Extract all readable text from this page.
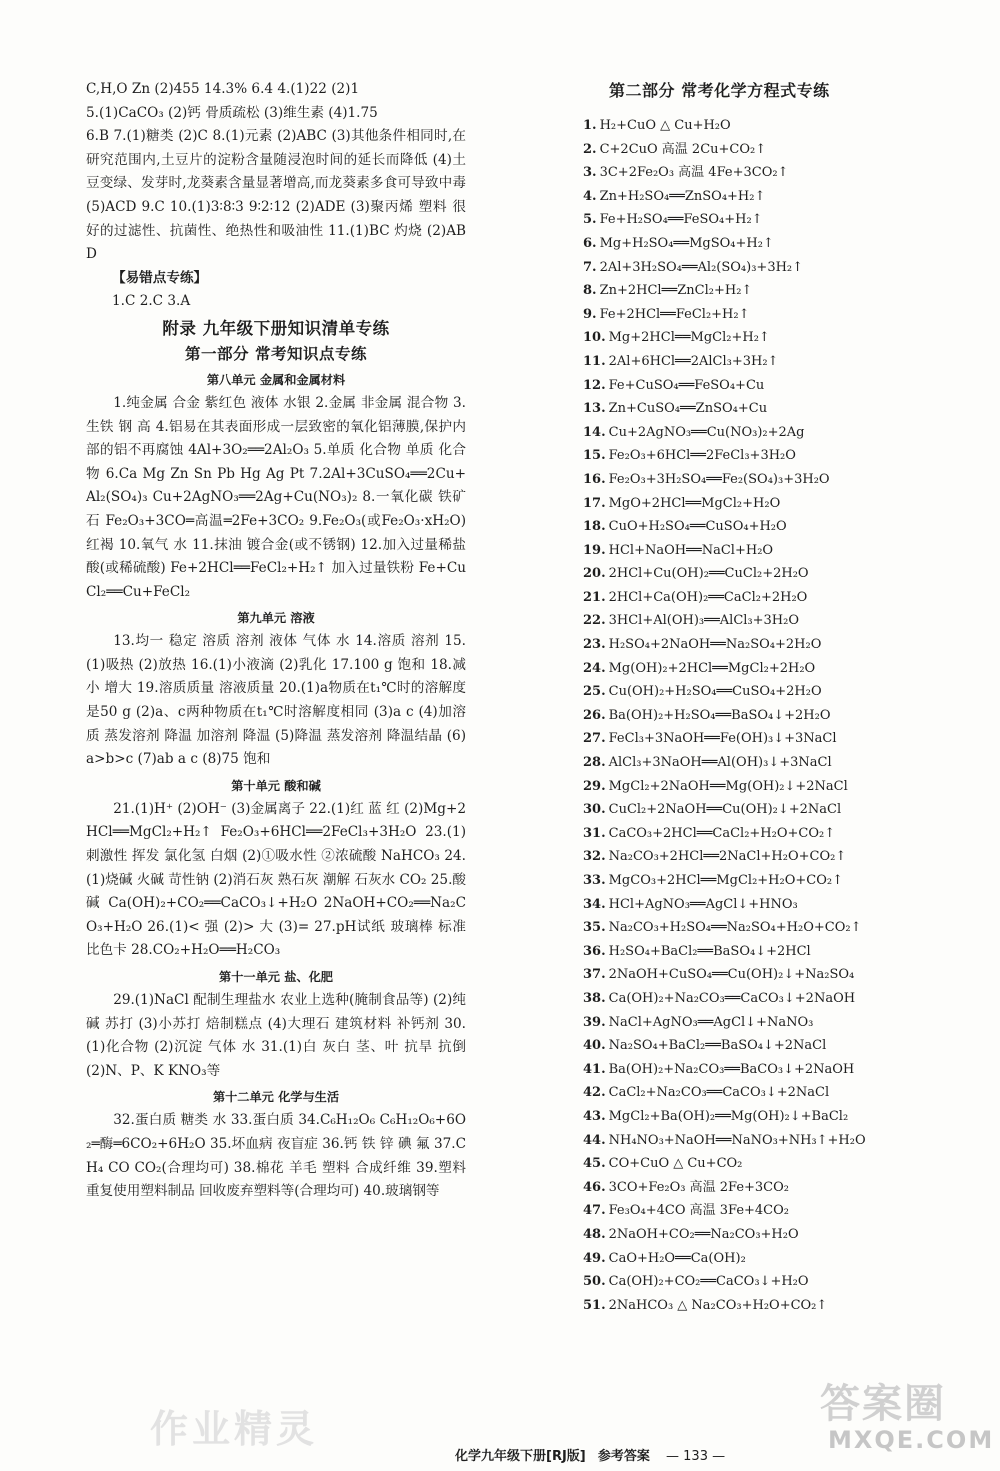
C,H,O Zn (2)455 14.3% 6.4 4.(1)22 (2)1

5.(1)CaCO₃ (2)钙 骨质疏松 (3)维生素 (4)1.75

6.B 7.(1)糖类 (2)C 8.(1)元素 (2)ABC (3)其他条件相同时,在研究范围内,土豆片的淀粉含量随浸泡时间的延长而降低 (4)土豆变绿、发芽时,龙葵素含量显著增高,而龙葵素多食可导致中毒 (5)ACD 9.C 10.(1)3∶8∶3 9∶2∶12 (2)ADE (3)聚丙烯 塑料 很好的过滤性、抗菌性、绝热性和吸油性 11.(1)BC 灼烧 (2)ABD

【易错点专练】

1.C 2.C 3.A

附录 九年级下册知识清单专练
第一部分 常考知识点专练
第八单元 金属和金属材料

1.纯金属 合金 紫红色 液体 水银 2.金属 非金属 混合物 3.生铁 钢 高 4.铝易在其表面形成一层致密的氧化铝薄膜,保护内部的铝不再腐蚀 4Al+3O₂══2Al₂O₃ 5.单质 化合物 单质 化合物 6.Ca Mg Zn Sn Pb Hg Ag Pt 7.2Al+3CuSO₄══2Cu+Al₂(SO₄)₃ Cu+2AgNO₃══2Ag+Cu(NO₃)₂ 8.一氧化碳 铁矿石 Fe₂O₃+3CO═高温═2Fe+3CO₂ 9.Fe₂O₃(或Fe₂O₃·xH₂O) 红褐 10.氧气 水 11.抹油 镀合金(或不锈钢) 12.加入过量稀盐酸(或稀硫酸) Fe+2HCl══FeCl₂+H₂↑ 加入过量铁粉 Fe+CuCl₂══Cu+FeCl₂

第九单元 溶液

13.均一 稳定 溶质 溶剂 液体 气体 水 14.溶质 溶剂 15.(1)吸热 (2)放热 16.(1)小液滴 (2)乳化 17.100 g 饱和 18.减小 增大 19.溶质质量 溶液质量 20.(1)a物质在t₁℃时的溶解度是50 g (2)a、c两种物质在t₁℃时溶解度相同 (3)a c (4)加溶质 蒸发溶剂 降温 加溶剂 降温 (5)降温 蒸发溶剂 降温结晶 (6)a>b>c (7)ab a c (8)75 饱和

第十单元 酸和碱

21.(1)H⁺ (2)OH⁻ (3)金属离子 22.(1)红 蓝 红 (2)Mg+2HCl══MgCl₂+H₂↑ Fe₂O₃+6HCl══2FeCl₃+3H₂O 23.(1)刺激性 挥发 氯化氢 白烟 (2)①吸水性 ②浓硫酸 NaHCO₃ 24.(1)烧碱 火碱 苛性钠 (2)消石灰 熟石灰 潮解 石灰水 CO₂ 25.酸 碱 Ca(OH)₂+CO₂══CaCO₃↓+H₂O 2NaOH+CO₂══Na₂CO₃+H₂O 26.(1)< 强 (2)> 大 (3)= 27.pH试纸 玻璃棒 标准比色卡 28.CO₂+H₂O══H₂CO₃

第十一单元 盐、化肥

29.(1)NaCl 配制生理盐水 农业上选种(腌制食品等) (2)纯碱 苏打 (3)小苏打 焙制糕点 (4)大理石 建筑材料 补钙剂 30.(1)化合物 (2)沉淀 气体 水 31.(1)白 灰白 茎、叶 抗旱 抗倒 (2)N、P、K KNO₃等

第十二单元 化学与生活

32.蛋白质 糖类 水 33.蛋白质 34.C₆H₁₂O₆ C₆H₁₂O₆+6O₂═酶═6CO₂+6H₂O 35.坏血病 夜盲症 36.钙 铁 锌 碘 氟 37.CH₄ CO CO₂(合理均可) 38.棉花 羊毛 塑料 合成纤维 39.塑料 重复使用塑料制品 回收废弃塑料等(合理均可) 40.玻璃钢等

第二部分 常考化学方程式专练

1. H₂+CuO △ Cu+H₂O

2. C+2CuO 高温 2Cu+CO₂↑

3. 3C+2Fe₂O₃ 高温 4Fe+3CO₂↑

4. Zn+H₂SO₄══ZnSO₄+H₂↑

5. Fe+H₂SO₄══FeSO₄+H₂↑

6. Mg+H₂SO₄══MgSO₄+H₂↑

7. 2Al+3H₂SO₄══Al₂(SO₄)₃+3H₂↑

8. Zn+2HCl══ZnCl₂+H₂↑

9. Fe+2HCl══FeCl₂+H₂↑

10. Mg+2HCl══MgCl₂+H₂↑

11. 2Al+6HCl══2AlCl₃+3H₂↑

12. Fe+CuSO₄══FeSO₄+Cu

13. Zn+CuSO₄══ZnSO₄+Cu

14. Cu+2AgNO₃══Cu(NO₃)₂+2Ag

15. Fe₂O₃+6HCl══2FeCl₃+3H₂O

16. Fe₂O₃+3H₂SO₄══Fe₂(SO₄)₃+3H₂O

17. MgO+2HCl══MgCl₂+H₂O

18. CuO+H₂SO₄══CuSO₄+H₂O

19. HCl+NaOH══NaCl+H₂O

20. 2HCl+Cu(OH)₂══CuCl₂+2H₂O

21. 2HCl+Ca(OH)₂══CaCl₂+2H₂O

22. 3HCl+Al(OH)₃══AlCl₃+3H₂O

23. H₂SO₄+2NaOH══Na₂SO₄+2H₂O

24. Mg(OH)₂+2HCl══MgCl₂+2H₂O

25. Cu(OH)₂+H₂SO₄══CuSO₄+2H₂O

26. Ba(OH)₂+H₂SO₄══BaSO₄↓+2H₂O

27. FeCl₃+3NaOH══Fe(OH)₃↓+3NaCl

28. AlCl₃+3NaOH══Al(OH)₃↓+3NaCl

29. MgCl₂+2NaOH══Mg(OH)₂↓+2NaCl

30. CuCl₂+2NaOH══Cu(OH)₂↓+2NaCl

31. CaCO₃+2HCl══CaCl₂+H₂O+CO₂↑

32. Na₂CO₃+2HCl══2NaCl+H₂O+CO₂↑

33. MgCO₃+2HCl══MgCl₂+H₂O+CO₂↑

34. HCl+AgNO₃══AgCl↓+HNO₃

35. Na₂CO₃+H₂SO₄══Na₂SO₄+H₂O+CO₂↑

36. H₂SO₄+BaCl₂══BaSO₄↓+2HCl

37. 2NaOH+CuSO₄══Cu(OH)₂↓+Na₂SO₄

38. Ca(OH)₂+Na₂CO₃══CaCO₃↓+2NaOH

39. NaCl+AgNO₃══AgCl↓+NaNO₃

40. Na₂SO₄+BaCl₂══BaSO₄↓+2NaCl

41. Ba(OH)₂+Na₂CO₃══BaCO₃↓+2NaOH

42. CaCl₂+Na₂CO₃══CaCO₃↓+2NaCl

43. MgCl₂+Ba(OH)₂══Mg(OH)₂↓+BaCl₂

44. NH₄NO₃+NaOH══NaNO₃+NH₃↑+H₂O

45. CO+CuO △ Cu+CO₂

46. 3CO+Fe₂O₃ 高温 2Fe+3CO₂

47. Fe₃O₄+4CO 高温 3Fe+4CO₂

48. 2NaOH+CO₂══Na₂CO₃+H₂O

49. CaO+H₂O══Ca(OH)₂

50. Ca(OH)₂+CO₂══CaCO₃↓+H₂O

51. 2NaHCO₃ △ Na₂CO₃+H₂O+CO₂↑

化学九年级下册[RJ版] 参考答案 — 133 —
作业精灵
答案圈
MXQE.COM
